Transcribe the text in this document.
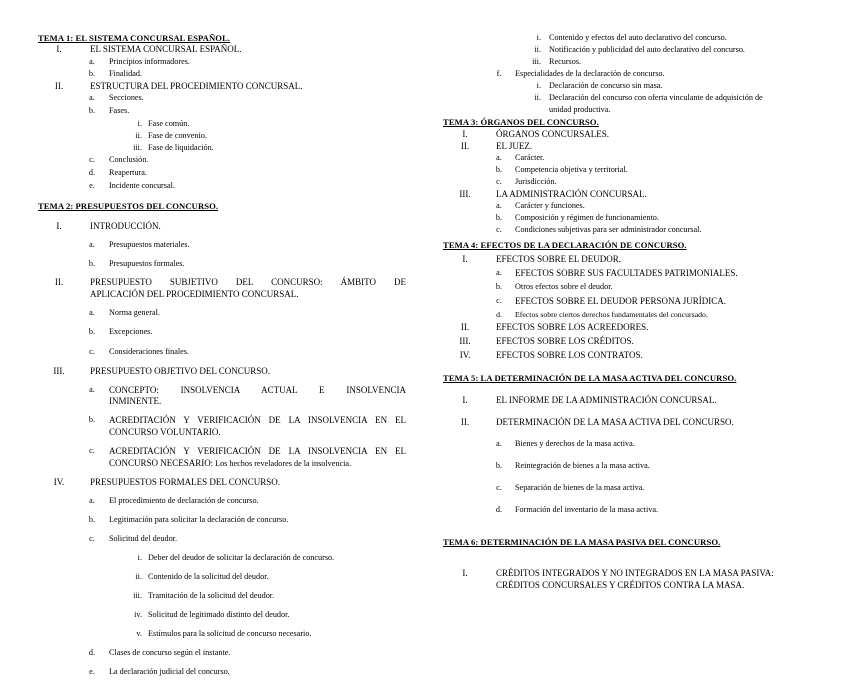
TEMA 1: EL SISTEMA CONCURSAL ESPAÑOL.
I.	EL SISTEMA CONCURSAL ESPAÑOL.
a.	Principios informadores.
b.	Finalidad.
II.	ESTRUCTURA DEL PROCEDIMIENTO CONCURSAL.
a.	Secciones.
b.	Fases.
i. Fase común.
ii. Fase de convenio.
iii. Fase de liquidación.
c.	Conclusión.
d.	Reapertura.
e.	Incidente concursal.
TEMA 2: PRESUPUESTOS DEL CONCURSO.
I.	INTRODUCCIÓN.
a.	Presupuestos materiales.
b.	Presupuestos formales.
II.	PRESUPUESTO SUBJETIVO DEL CONCURSO: ÁMBITO DE
APLICACIÓN DEL PROCEDIMIENTO CONCURSAL.
a.	Norma general.
b.	Excepciones.
c.	Consideraciones finales.
III.	PRESUPUESTO OBJETIVO DEL CONCURSO.
a.	CONCEPTO: INSOLVENCIA ACTUAL E INSOLVENCIA
INMINENTE.
b.	ACREDITACIÓN Y VERIFICACIÓN DE LA INSOLVENCIA EN EL
CONCURSO VOLUNTARIO.
c.	ACREDITACIÓN Y VERIFICACIÓN DE LA INSOLVENCIA EN EL
CONCURSO NECESARIO: Los hechos reveladores de la insolvencia.
IV.	PRESUPUESTOS FORMALES DEL CONCURSO.
a.	El procedimiento de declaración de concurso.
b.	Legitimación para solicitar la declaración de concurso.
c.	Solicitud del deudor.
i. Deber del deudor de solicitar la declaración de concurso.
ii. Contenido de la solicitud del deudor.
iii. Tramitación de la solicitud del deudor.
iv. Solicitud de legitimado distinto del deudor.
v. Estímulos para la solicitud de concurso necesario.
d.	Clases de concurso según el instante.
e.	La declaración judicial del concurso.
i. Contenido y efectos del auto declarativo del concurso.
ii. Notificación y publicidad del auto declarativo del concurso.
iii. Recursos.
f.	Especialidades de la declaración de concurso.
i. Declaración de concurso sin masa.
ii. Declaración del concurso con oferta vinculante de adquisición de
unidad productiva.
TEMA 3: ÓRGANOS DEL CONCURSO.
I.	ÓRGANOS CONCURSALES.
II.	EL JUEZ.
a.	Carácter.
b.	Competencia objetiva y territorial.
c.	Jurisdicción.
III.	LA ADMINISTRACIÓN CONCURSAL.
a.	Carácter y funciones.
b.	Composición y régimen de funcionamiento.
c.	Condiciones subjetivas para ser administrador concursal.
TEMA 4: EFECTOS DE LA DECLARACIÓN DE CONCURSO.
I.	EFECTOS SOBRE EL DEUDOR.
a.	EFECTOS SOBRE SUS FACULTADES PATRIMONIALES.
b.	Otros efectos sobre el deudor.
c.	EFECTOS SOBRE EL DEUDOR PERSONA JURÍDICA.
d.	Efectos sobre ciertos derechos fundamentales del concursado.
II.	EFECTOS SOBRE LOS ACREEDORES.
III.	EFECTOS SOBRE LOS CRÉDITOS.
IV.	EFECTOS SOBRE LOS CONTRATOS.
TEMA 5: LA DETERMINACIÓN DE LA MASA ACTIVA DEL CONCURSO.
I.	EL INFORME DE LA ADMINISTRACIÓN CONCURSAL.
II.	DETERMINACIÓN DE LA MASA ACTIVA DEL CONCURSO.
a.	Bienes y derechos de la masa activa.
b.	Reintegración de bienes a la masa activa.
c.	Separación de bienes de la masa activa.
d.	Formación del inventario de la masa activa.
TEMA 6: DETERMINACIÓN DE LA MASA PASIVA DEL CONCURSO.
I.	CRÉDITOS INTEGRADOS Y NO INTEGRADOS EN LA MASA PASIVA:
CRÉDITOS CONCURSALES Y CRÉDITOS CONTRA LA MASA.
